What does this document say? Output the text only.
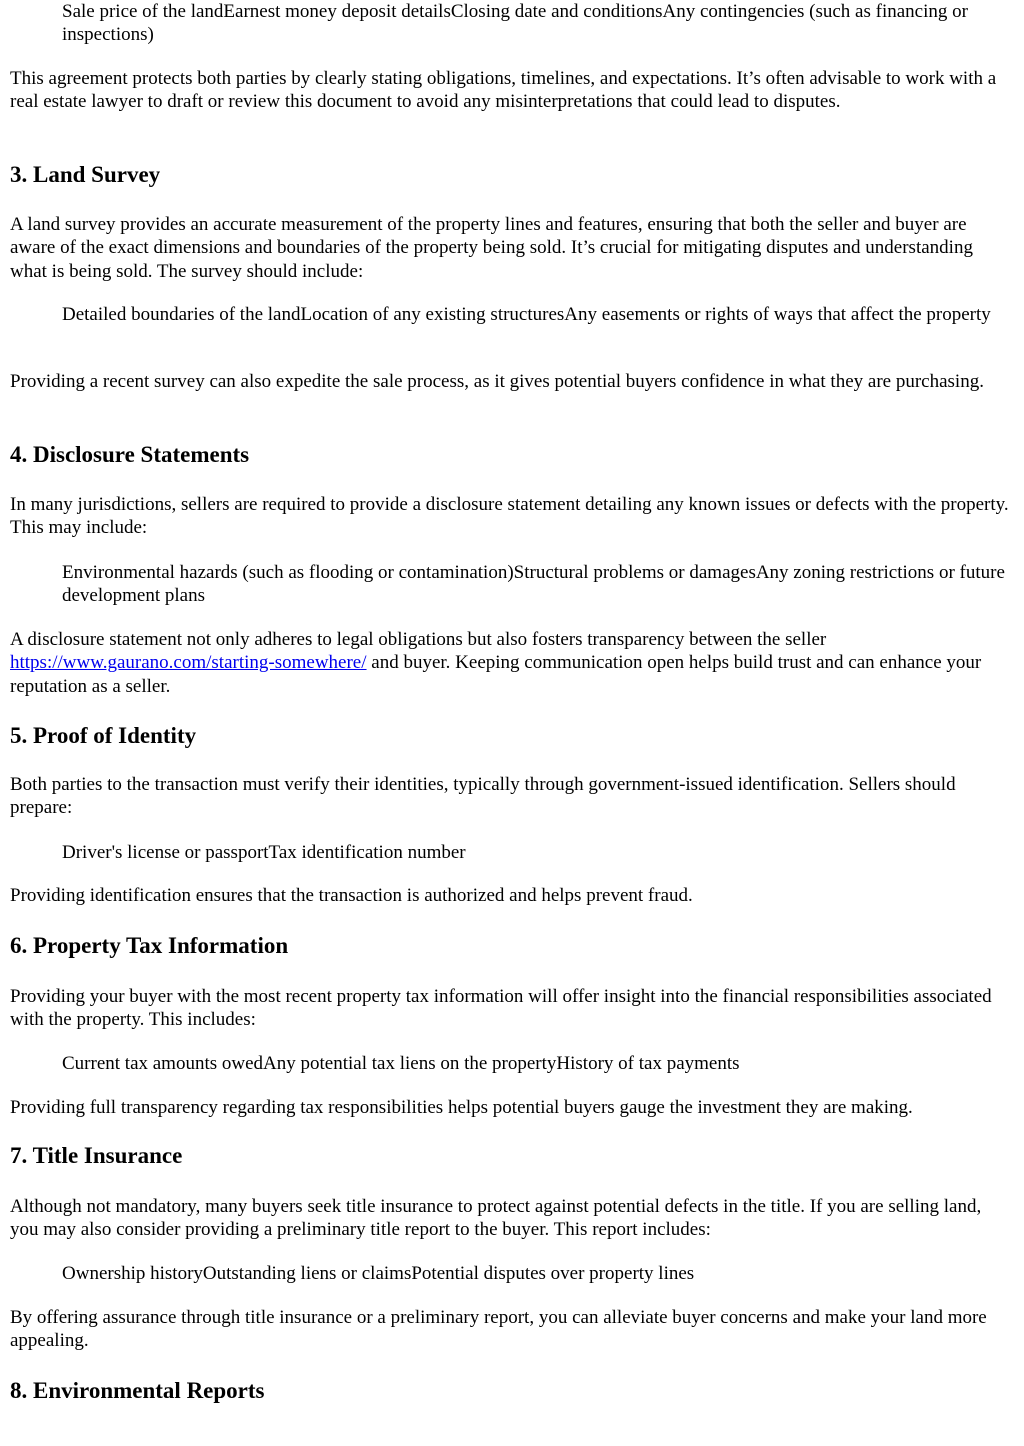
Sale price of the landEarnest money deposit detailsClosing date and conditionsAny contingencies (such as financing or inspections)

This agreement protects both parties by clearly stating obligations, timelines, and expectations. It’s often advisable to work with a real estate lawyer to draft or review this document to avoid any misinterpretations that could lead to disputes.

3. Land Survey

A land survey provides an accurate measurement of the property lines and features, ensuring that both the seller and buyer are aware of the exact dimensions and boundaries of the property being sold. It’s crucial for mitigating disputes and understanding what is being sold. The survey should include:

Detailed boundaries of the landLocation of any existing structuresAny easements or rights of ways that affect the property

Providing a recent survey can also expedite the sale process, as it gives potential buyers confidence in what they are purchasing.

4. Disclosure Statements

In many jurisdictions, sellers are required to provide a disclosure statement detailing any known issues or defects with the property. This may include:

Environmental hazards (such as flooding or contamination)Structural problems or damagesAny zoning restrictions or future development plans

A disclosure statement not only adheres to legal obligations but also fosters transparency between the seller https://www.gaurano.com/starting-somewhere/ and buyer. Keeping communication open helps build trust and can enhance your reputation as a seller.

5. Proof of Identity

Both parties to the transaction must verify their identities, typically through government-issued identification. Sellers should prepare:

Driver's license or passportTax identification number

Providing identification ensures that the transaction is authorized and helps prevent fraud.

6. Property Tax Information

Providing your buyer with the most recent property tax information will offer insight into the financial responsibilities associated with the property. This includes:

Current tax amounts owedAny potential tax liens on the propertyHistory of tax payments

Providing full transparency regarding tax responsibilities helps potential buyers gauge the investment they are making.

7. Title Insurance

Although not mandatory, many buyers seek title insurance to protect against potential defects in the title. If you are selling land, you may also consider providing a preliminary title report to the buyer. This report includes:

Ownership historyOutstanding liens or claimsPotential disputes over property lines

By offering assurance through title insurance or a preliminary report, you can alleviate buyer concerns and make your land more appealing.

8. Environmental Reports
